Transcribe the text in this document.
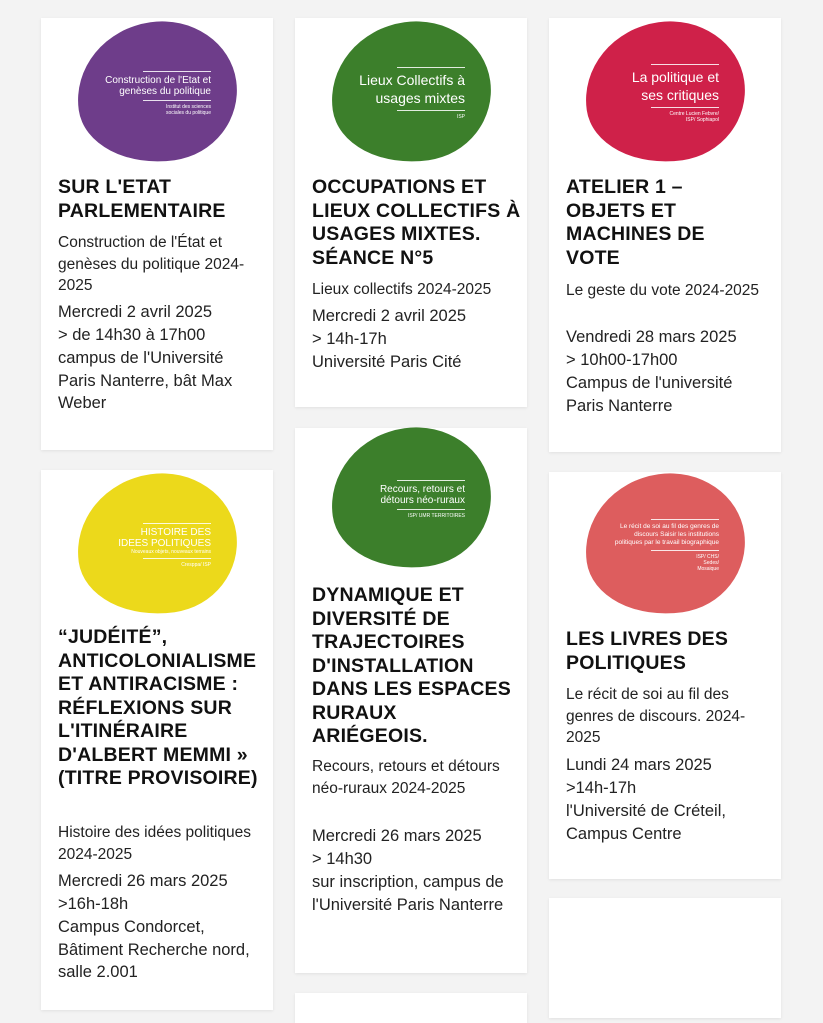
Construction de l'Etat et genèses du politique
Institut des sciences sociales du politique
SUR L'ETAT PARLEMENTAIRE

Construction de l'État et genèses du politique 2024-2025

Mercredi 2 avril 2025

> de 14h30 à 17h00

campus de l'Université Paris Nanterre, bât Max Weber

Lieux Collectifs à usages mixtes
ISP
OCCUPATIONS ET LIEUX COLLECTIFS À USAGES MIXTES. SÉANCE N°5

Lieux collectifs 2024-2025

Mercredi 2 avril 2025

> 14h-17h

Université Paris Cité

La politique et ses critiques
Centre Lucien Febvre/ ISP/ Sophiapol
ATELIER 1 – OBJETS ET MACHINES DE VOTE

Le geste du vote 2024-2025

Vendredi 28 mars 2025

> 10h00-17h00

Campus de l'université Paris Nanterre

HISTOIRE DES IDEES POLITIQUES
Nouveaux objets, nouveaux terrains
Cresppa/ ISP
“JUDÉITÉ”, ANTICOLONIALISME ET ANTIRACISME : RÉFLEXIONS SUR L'ITINÉRAIRE D'ALBERT MEMMI » (TITRE PROVISOIRE)

Histoire des idées politiques 2024-2025

Mercredi 26 mars 2025

>16h-18h

Campus Condorcet, Bâtiment Recherche nord, salle 2.001

Recours, retours et détours néo-ruraux
ISP/ UMR TERRITOIRES
DYNAMIQUE ET DIVERSITÉ DE TRAJECTOIRES D'INSTALLATION DANS LES ESPACES RURAUX ARIÉGEOIS.

Recours, retours et détours néo-ruraux 2024-2025

Mercredi 26 mars 2025

> 14h30

sur inscription, campus de l'Université Paris Nanterre

Le récit de soi au fil des genres de discours Saisir les institutions politiques par le travail biographique
ISP/ CHS/ Sedes/ Mosaique
LES LIVRES DES POLITIQUES

Le récit de soi au fil des genres de discours. 2024-2025

Lundi 24 mars 2025

>14h-17h

l'Université de Créteil, Campus Centre
